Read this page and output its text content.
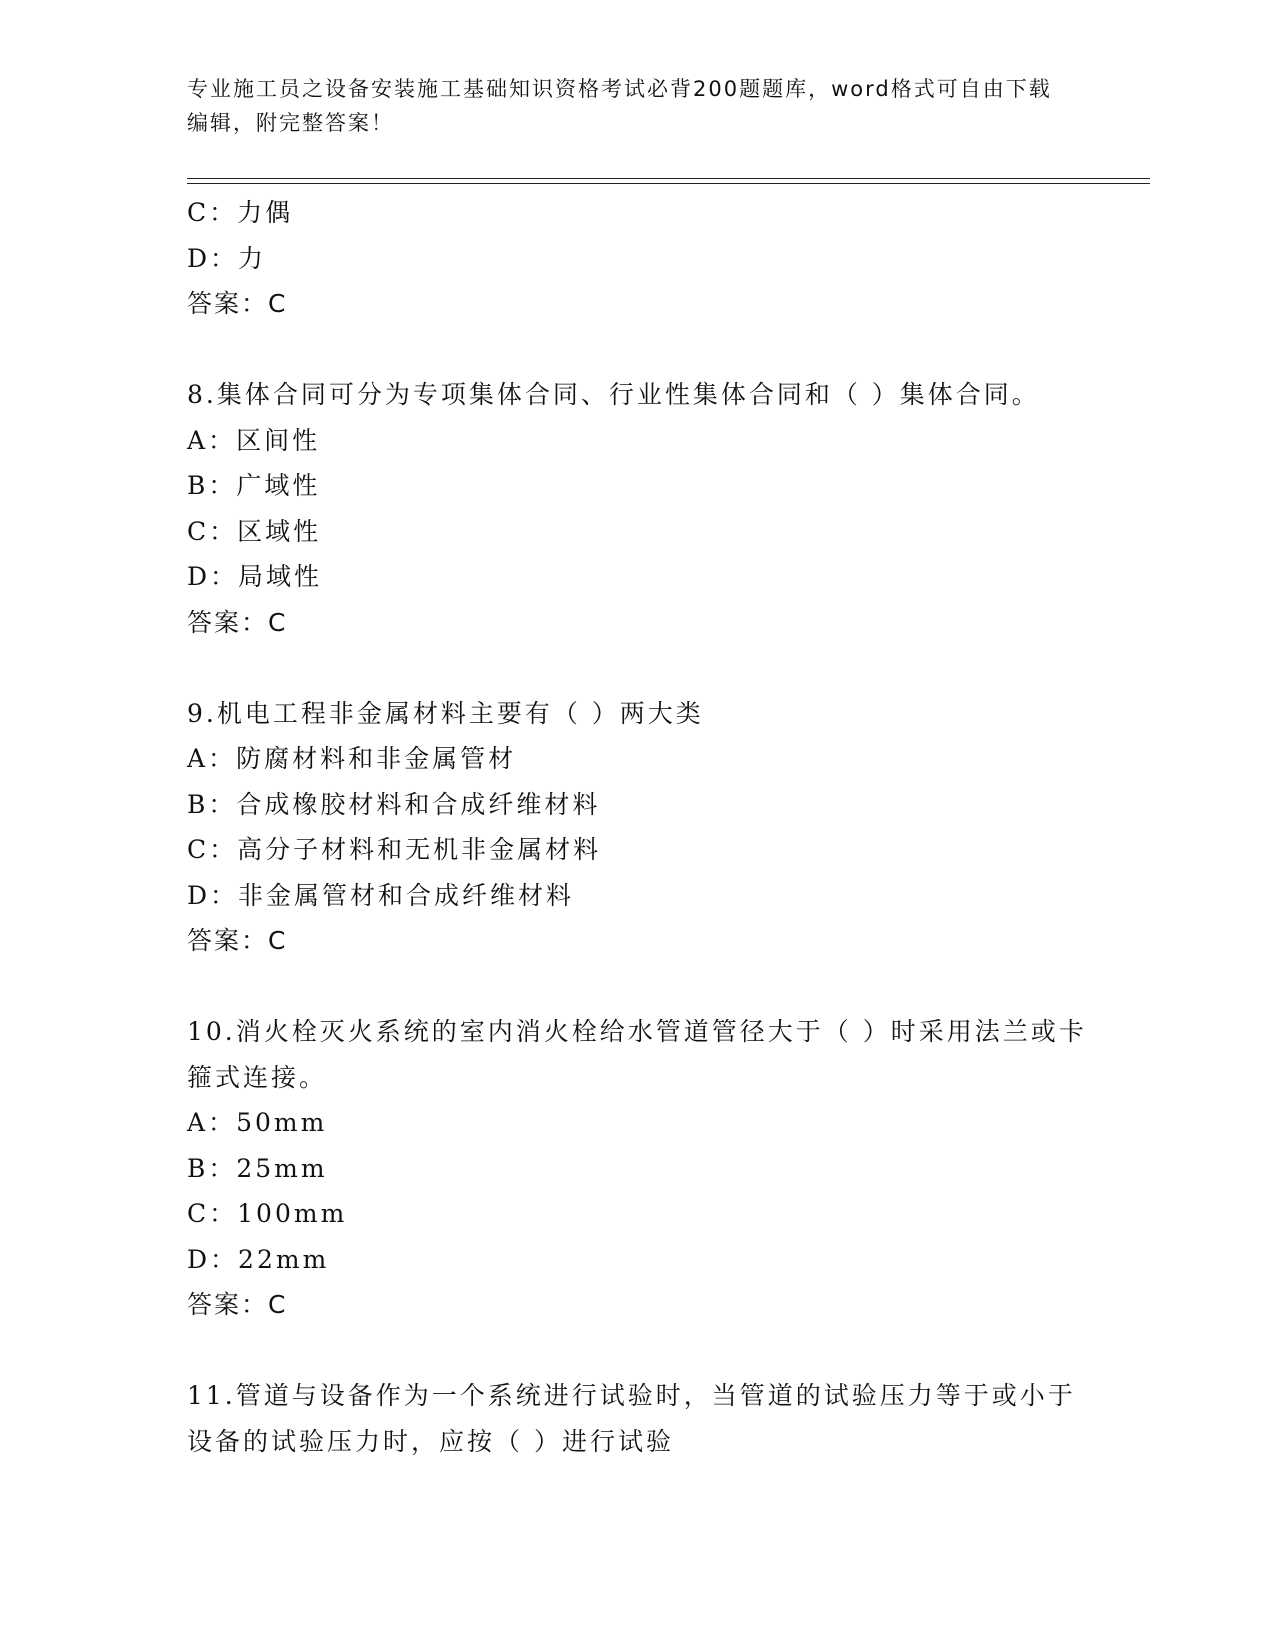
专业施工员之设备安装施工基础知识资格考试必背200题题库，word格式可自由下载编辑，附完整答案！
C：力偶
D：力
答案：C
8.集体合同可分为专项集体合同、行业性集体合同和（ ）集体合同。
A：区间性
B：广域性
C：区域性
D：局域性
答案：C
9.机电工程非金属材料主要有（ ）两大类
A：防腐材料和非金属管材
B：合成橡胶材料和合成纤维材料
C：高分子材料和无机非金属材料
D：非金属管材和合成纤维材料
答案：C
10.消火栓灭火系统的室内消火栓给水管道管径大于（ ）时采用法兰或卡箍式连接。
A：50mm
B：25mm
C：100mm
D：22mm
答案：C
11.管道与设备作为一个系统进行试验时，当管道的试验压力等于或小于设备的试验压力时，应按（ ）进行试验
